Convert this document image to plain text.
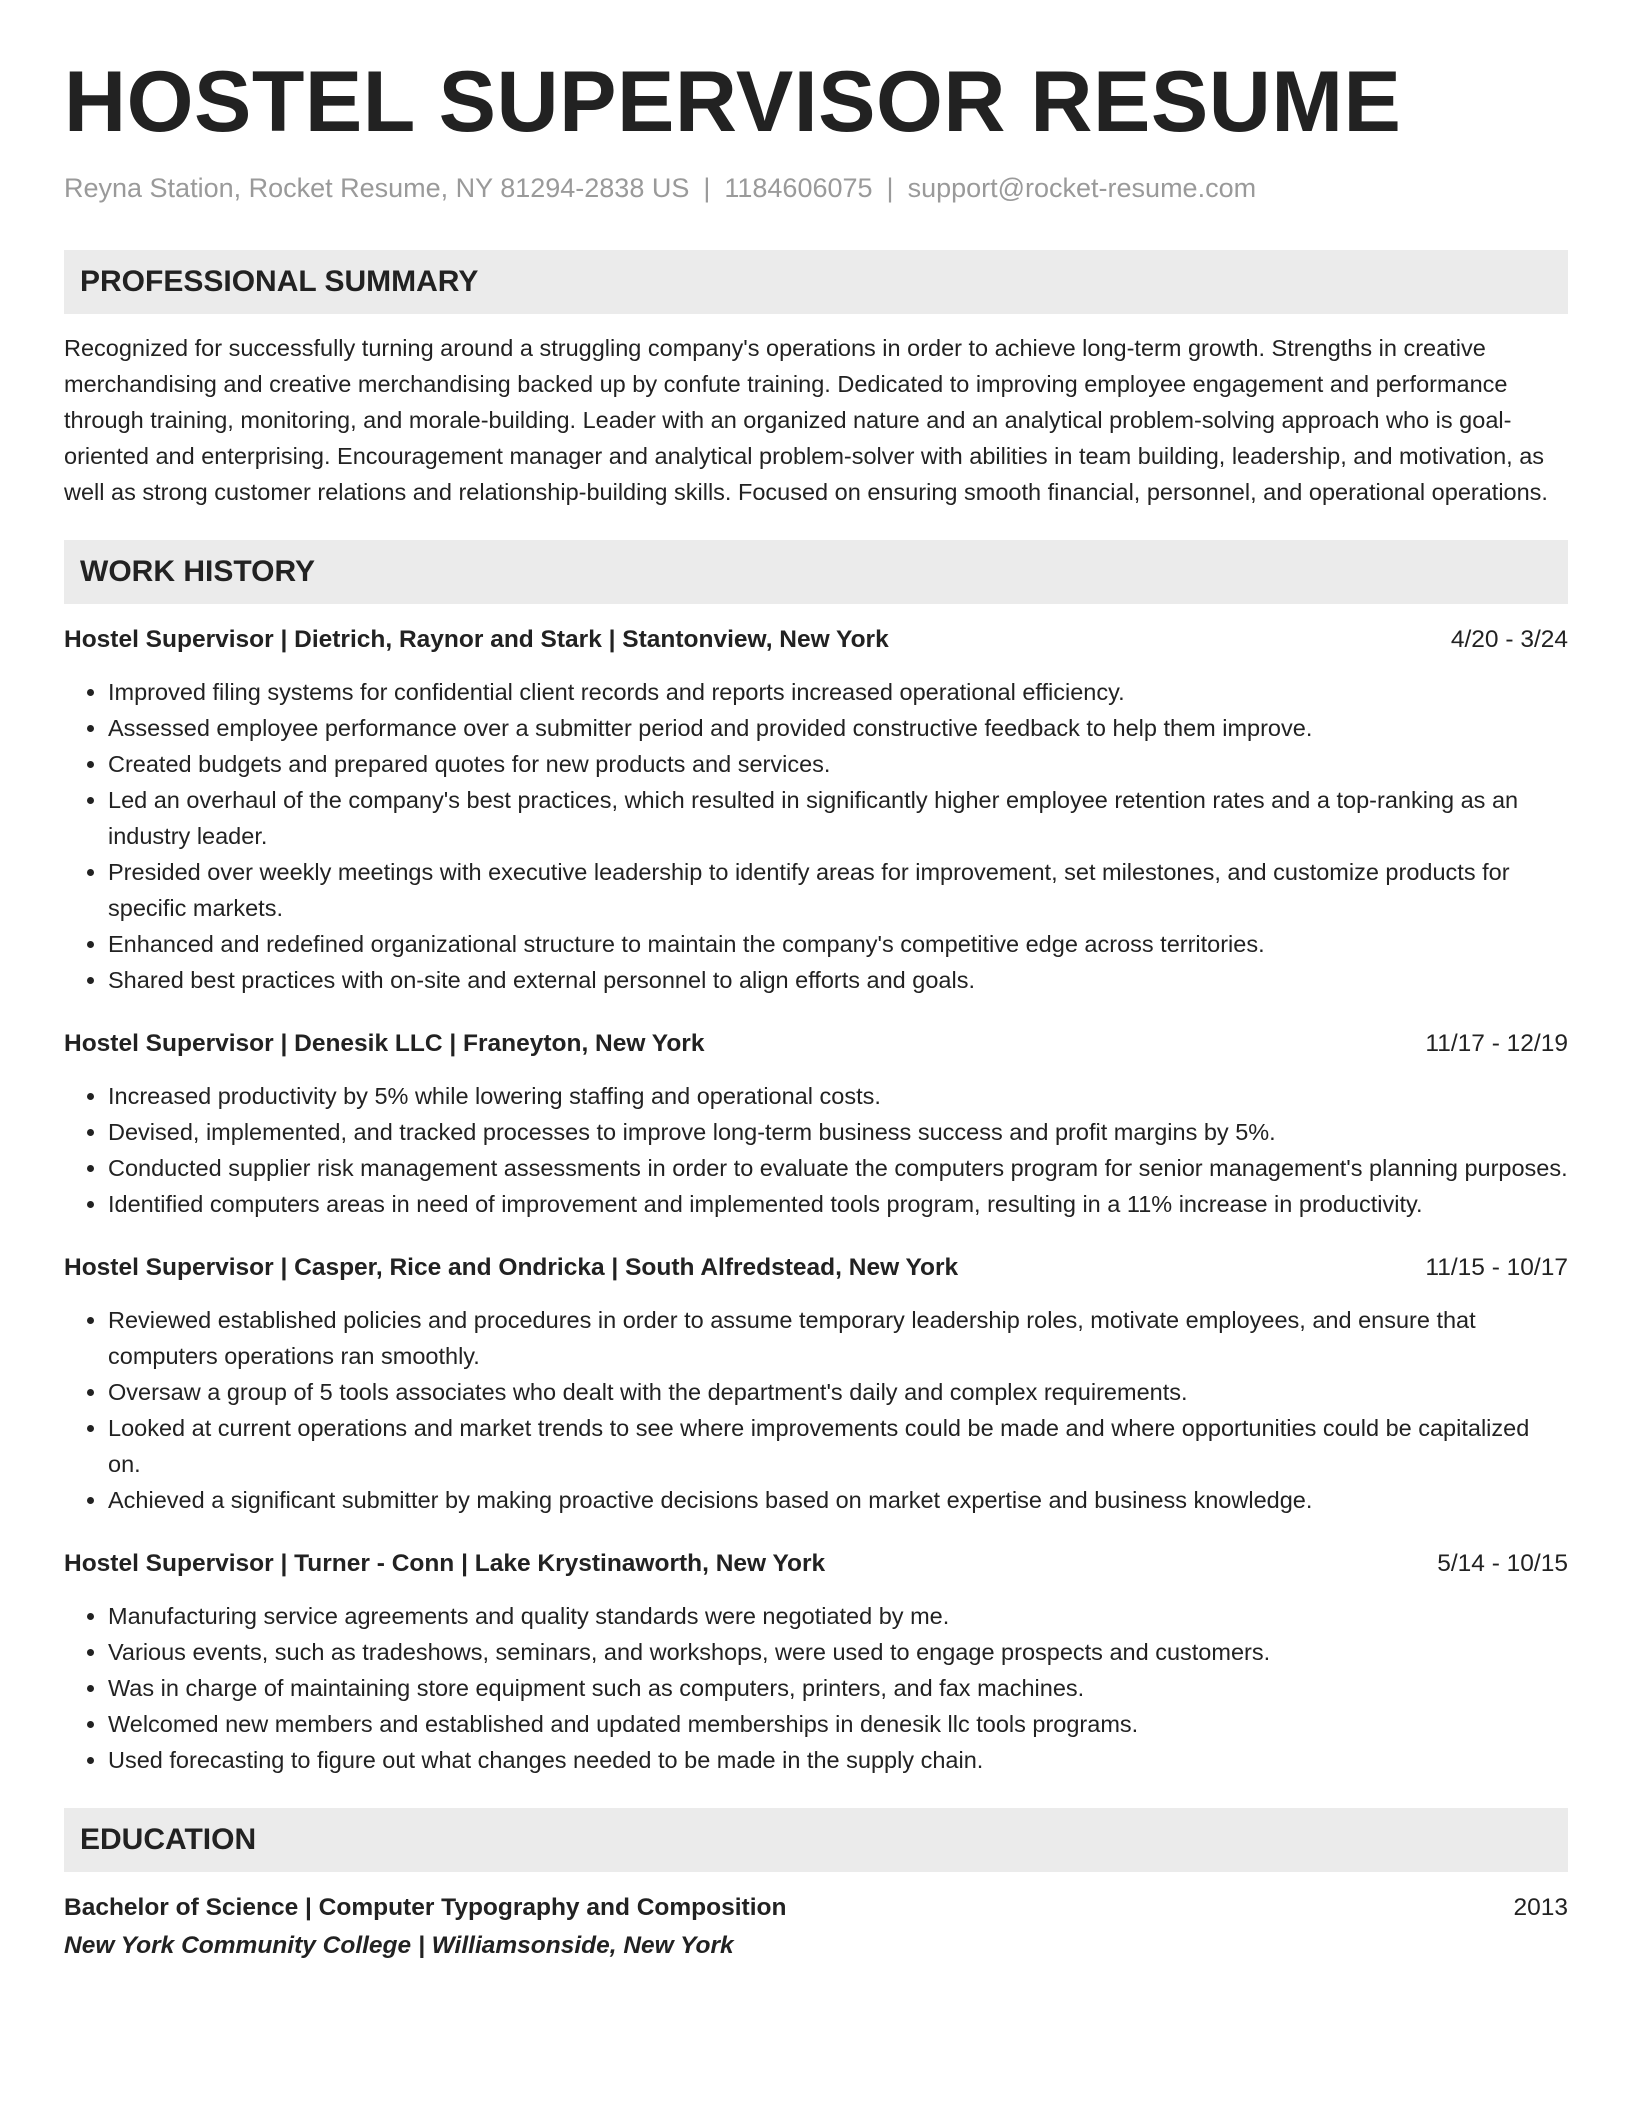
HOSTEL SUPERVISOR RESUME
Reyna Station, Rocket Resume, NY 81294-2838 US | 1184606075 | support@rocket-resume.com
PROFESSIONAL SUMMARY
Recognized for successfully turning around a struggling company's operations in order to achieve long-term growth. Strengths in creative merchandising and creative merchandising backed up by confute training. Dedicated to improving employee engagement and performance through training, monitoring, and morale-building. Leader with an organized nature and an analytical problem-solving approach who is goal-oriented and enterprising. Encouragement manager and analytical problem-solver with abilities in team building, leadership, and motivation, as well as strong customer relations and relationship-building skills. Focused on ensuring smooth financial, personnel, and operational operations.
WORK HISTORY
Hostel Supervisor | Dietrich, Raynor and Stark | Stantonview, New York	4/20 - 3/24
• Improved filing systems for confidential client records and reports increased operational efficiency.
• Assessed employee performance over a submitter period and provided constructive feedback to help them improve.
• Created budgets and prepared quotes for new products and services.
• Led an overhaul of the company's best practices, which resulted in significantly higher employee retention rates and a top-ranking as an industry leader.
• Presided over weekly meetings with executive leadership to identify areas for improvement, set milestones, and customize products for specific markets.
• Enhanced and redefined organizational structure to maintain the company's competitive edge across territories.
• Shared best practices with on-site and external personnel to align efforts and goals.
Hostel Supervisor | Denesik LLC | Franeyton, New York	11/17 - 12/19
• Increased productivity by 5% while lowering staffing and operational costs.
• Devised, implemented, and tracked processes to improve long-term business success and profit margins by 5%.
• Conducted supplier risk management assessments in order to evaluate the computers program for senior management's planning purposes.
• Identified computers areas in need of improvement and implemented tools program, resulting in a 11% increase in productivity.
Hostel Supervisor | Casper, Rice and Ondricka | South Alfredstead, New York	11/15 - 10/17
• Reviewed established policies and procedures in order to assume temporary leadership roles, motivate employees, and ensure that computers operations ran smoothly.
• Oversaw a group of 5 tools associates who dealt with the department's daily and complex requirements.
• Looked at current operations and market trends to see where improvements could be made and where opportunities could be capitalized on.
• Achieved a significant submitter by making proactive decisions based on market expertise and business knowledge.
Hostel Supervisor | Turner - Conn | Lake Krystinaworth, New York	5/14 - 10/15
• Manufacturing service agreements and quality standards were negotiated by me.
• Various events, such as tradeshows, seminars, and workshops, were used to engage prospects and customers.
• Was in charge of maintaining store equipment such as computers, printers, and fax machines.
• Welcomed new members and established and updated memberships in denesik llc tools programs.
• Used forecasting to figure out what changes needed to be made in the supply chain.
EDUCATION
Bachelor of Science | Computer Typography and Composition	2013
New York Community College | Williamsonside, New York
